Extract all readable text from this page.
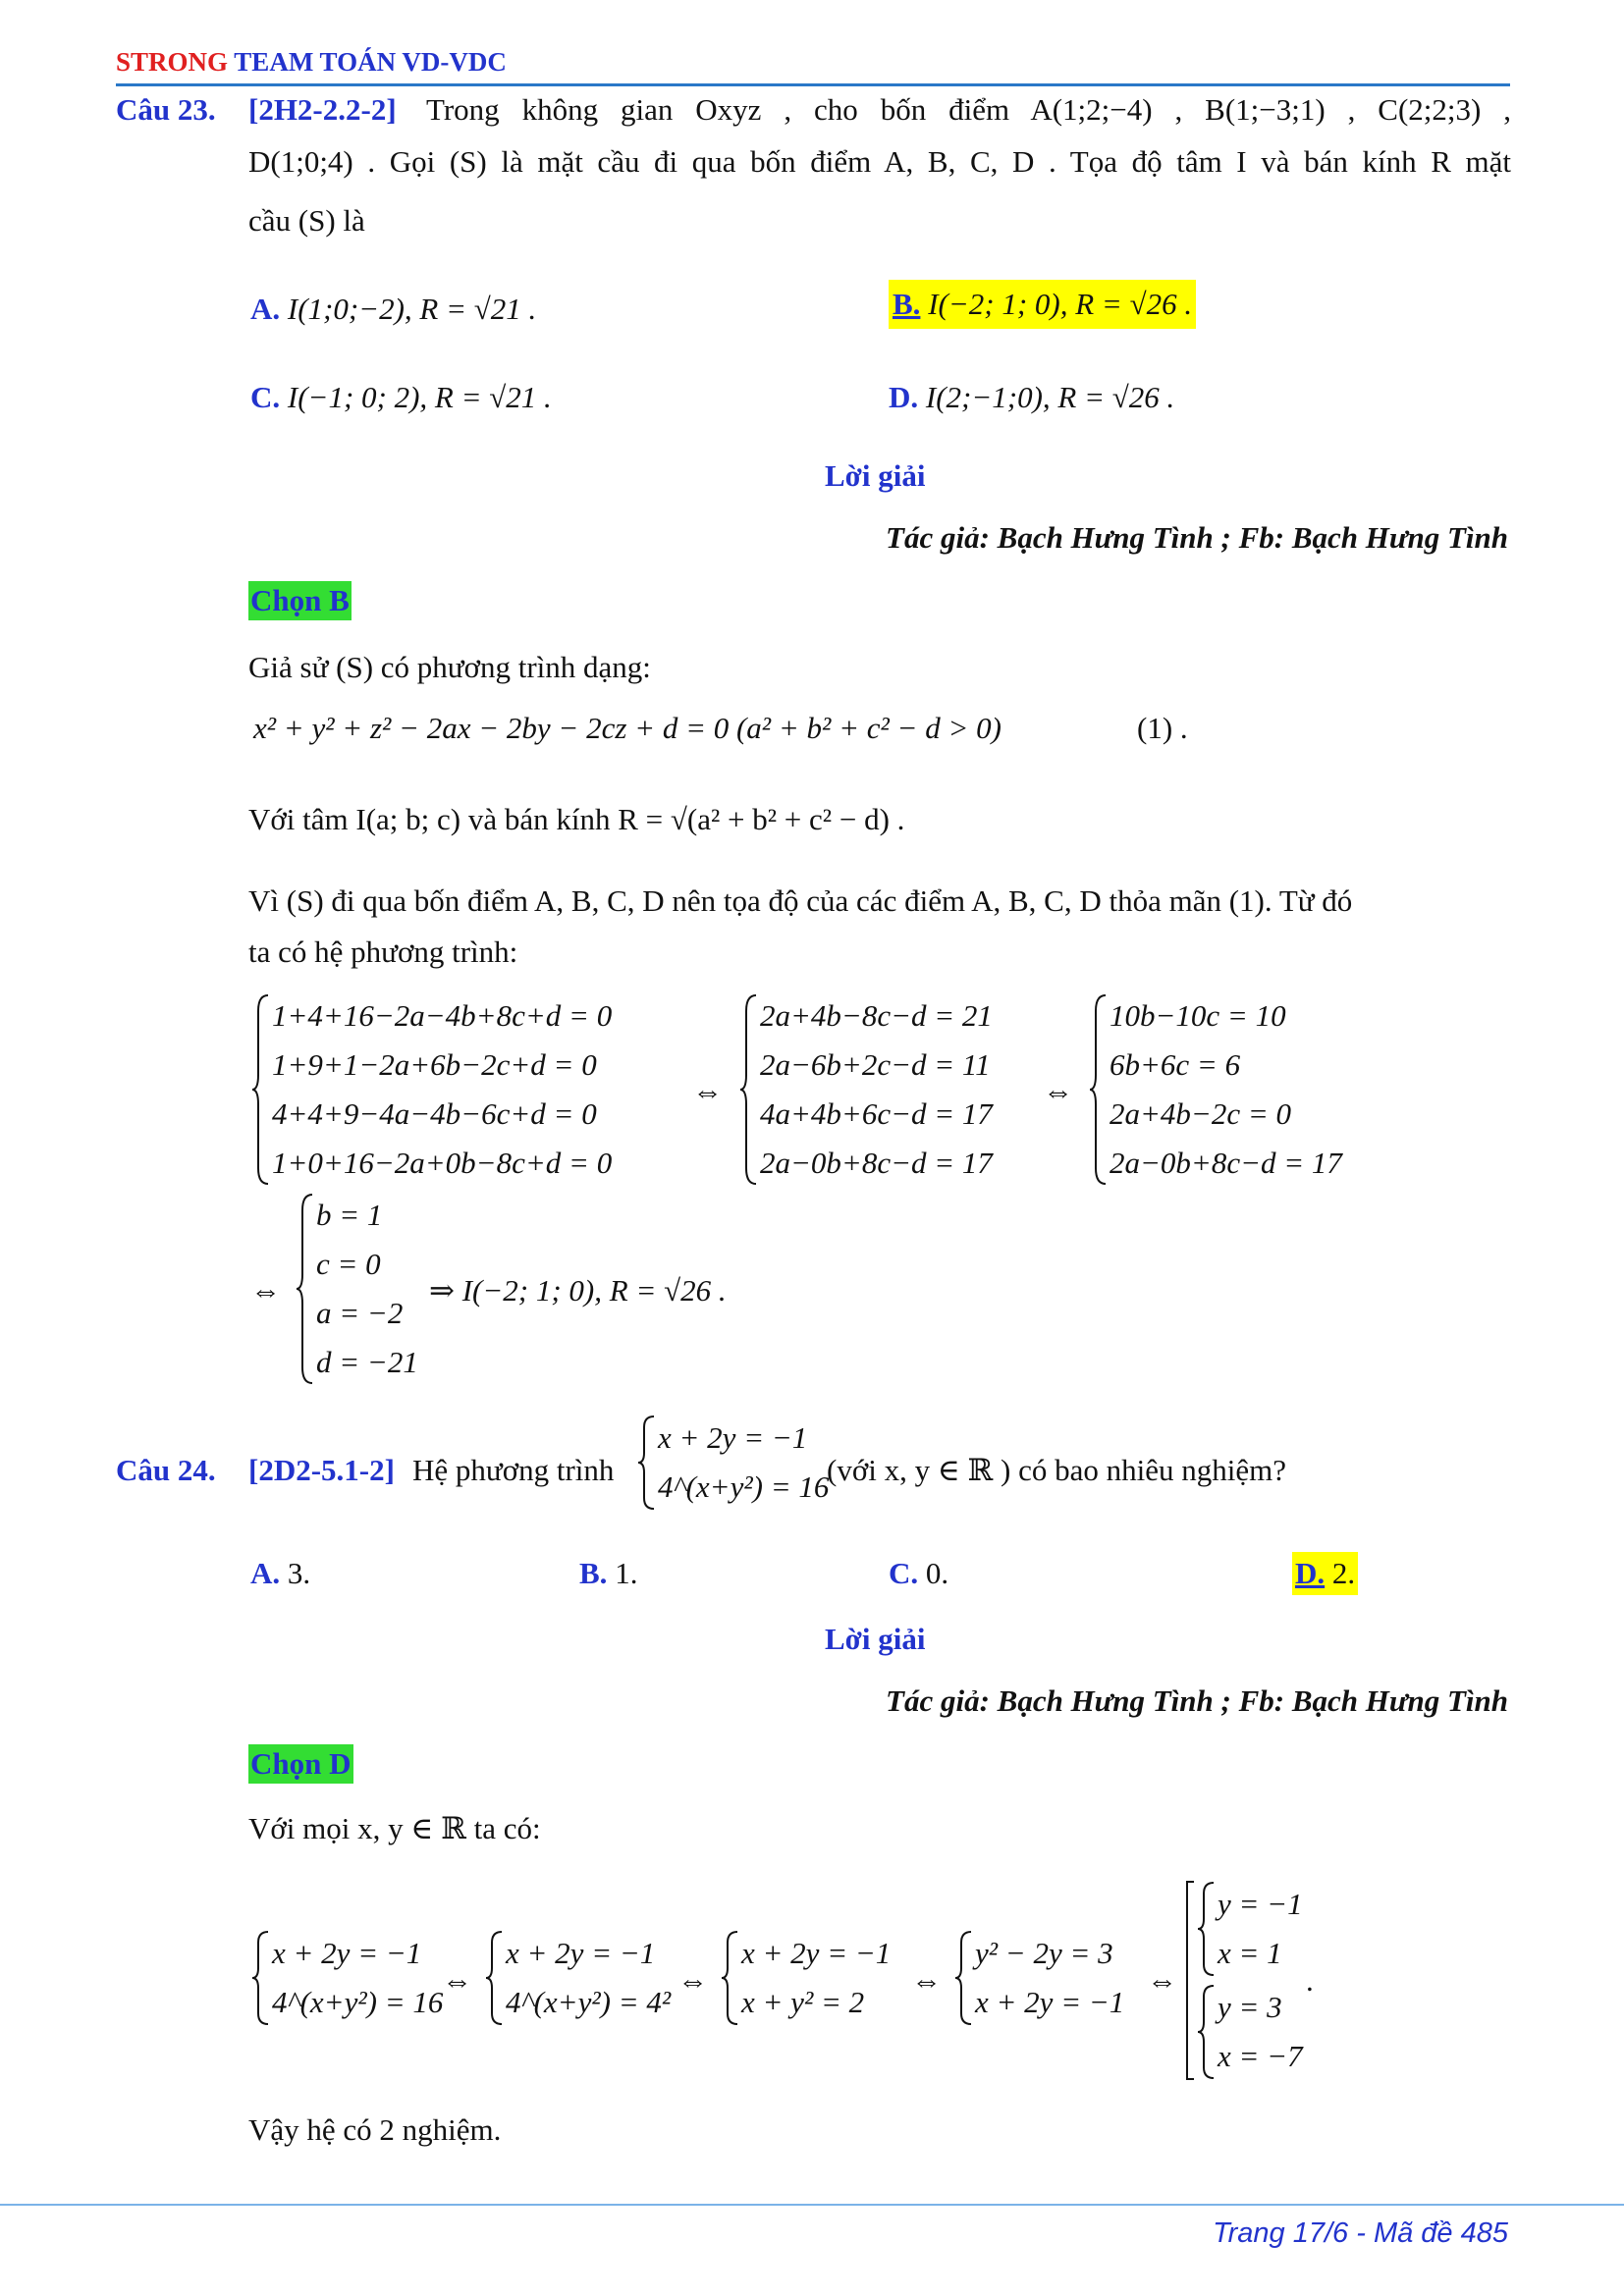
STRONG TEAM TOÁN VD-VDC
Câu 23. [2H2-2.2-2] Trong không gian Oxyz , cho bốn điểm A(1;2;−4) , B(1;−3;1) , C(2;2;3) ,
D(1;0;4) . Gọi (S) là mặt cầu đi qua bốn điểm A, B, C, D . Tọa độ tâm I và bán kính R mặt
cầu (S) là
A. I(1;0;−2), R = √21 .	B. I(−2; 1; 0), R = √26 .
C. I(−1; 0; 2), R = √21 .	D. I(2;−1;0), R = √26 .
Lời giải
Tác giả: Bạch Hưng Tình ; Fb: Bạch Hưng Tình
Chọn B
Giả sử (S) có phương trình dạng:
x² + y² + z² − 2ax − 2by − 2cz + d = 0 (a² + b² + c² − d > 0)	(1) .
Với tâm I(a; b; c) và bán kính R = √(a² + b² + c² − d) .
Vì (S) đi qua bốn điểm A, B, C, D nên tọa độ của các điểm A, B, C, D thỏa mãn (1). Từ đó
ta có hệ phương trình:
1+4+16−2a−4b+8c+d = 0
1+9+1−2a+6b−2c+d = 0
4+4+9−4a−4b−6c+d = 0
1+0+16−2a+0b−8c+d = 0
⇔
2a+4b−8c−d = 21
2a−6b+2c−d = 11
4a+4b+6c−d = 17
2a−0b+8c−d = 17
⇔
10b−10c = 10
6b+6c = 6
2a+4b−2c = 0
2a−0b+8c−d = 17
⇔
b = 1
c = 0
a = −2
d = −21
⇒ I(−2; 1; 0), R = √26 .
Câu 24. [2D2-5.1-2] Hệ phương trình
x + 2y = −1
4^(x+y²) = 16
(với x, y ∈ ℝ ) có bao nhiêu nghiệm?
A. 3.	B. 1.	C. 0.	D. 2.
Lời giải
Tác giả: Bạch Hưng Tình ; Fb: Bạch Hưng Tình
Chọn D
Với mọi x, y ∈ ℝ ta có:
x + 2y = −1
4^(x+y²) = 16
⇔
x + 2y = −1
4^(x+y²) = 4²
⇔
x + 2y = −1
x + y² = 2
⇔
y² − 2y = 3
x + 2y = −1
⇔
y = −1
x = 1
y = 3
x = −7
.
Vậy hệ có 2 nghiệm.
Trang 17/6 - Mã đề 485
